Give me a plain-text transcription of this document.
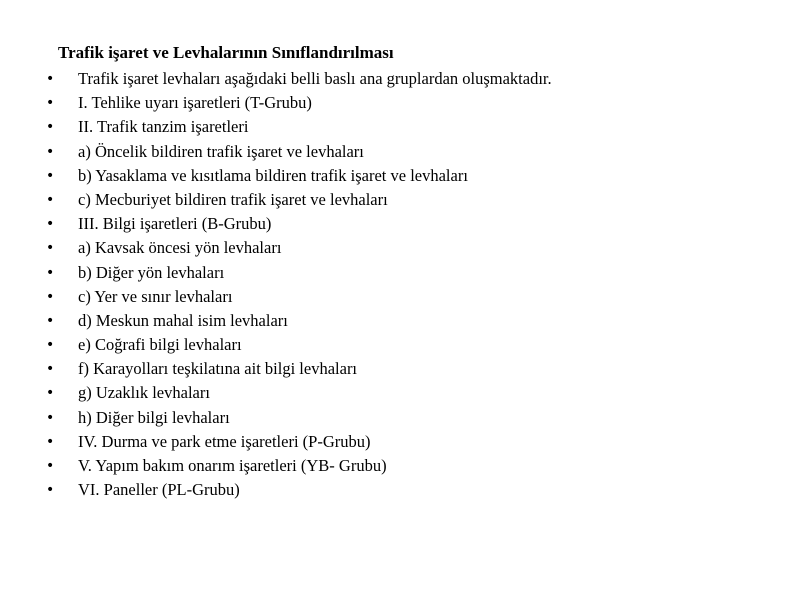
Trafik işaret ve Levhalarının Sınıflandırılması
• Trafik işaret levhaları aşağıdaki belli baslı ana gruplardan oluşmaktadır.
• I. Tehlike uyarı işaretleri (T-Grubu)
• II. Trafik tanzim işaretleri
• a) Öncelik bildiren trafik işaret ve levhaları
• b) Yasaklama ve kısıtlama bildiren trafik işaret ve levhaları
• c) Mecburiyet bildiren trafik işaret ve levhaları
• III. Bilgi işaretleri (B-Grubu)
• a) Kavsak öncesi yön levhaları
• b) Diğer yön levhaları
• c) Yer ve sınır levhaları
• d) Meskun mahal isim levhaları
• e) Coğrafi bilgi levhaları
• f) Karayolları teşkilatına ait bilgi levhaları
• g) Uzaklık levhaları
• h) Diğer bilgi levhaları
• IV. Durma ve park etme işaretleri (P-Grubu)
• V. Yapım bakım onarım işaretleri (YB- Grubu)
• VI. Paneller (PL-Grubu)
